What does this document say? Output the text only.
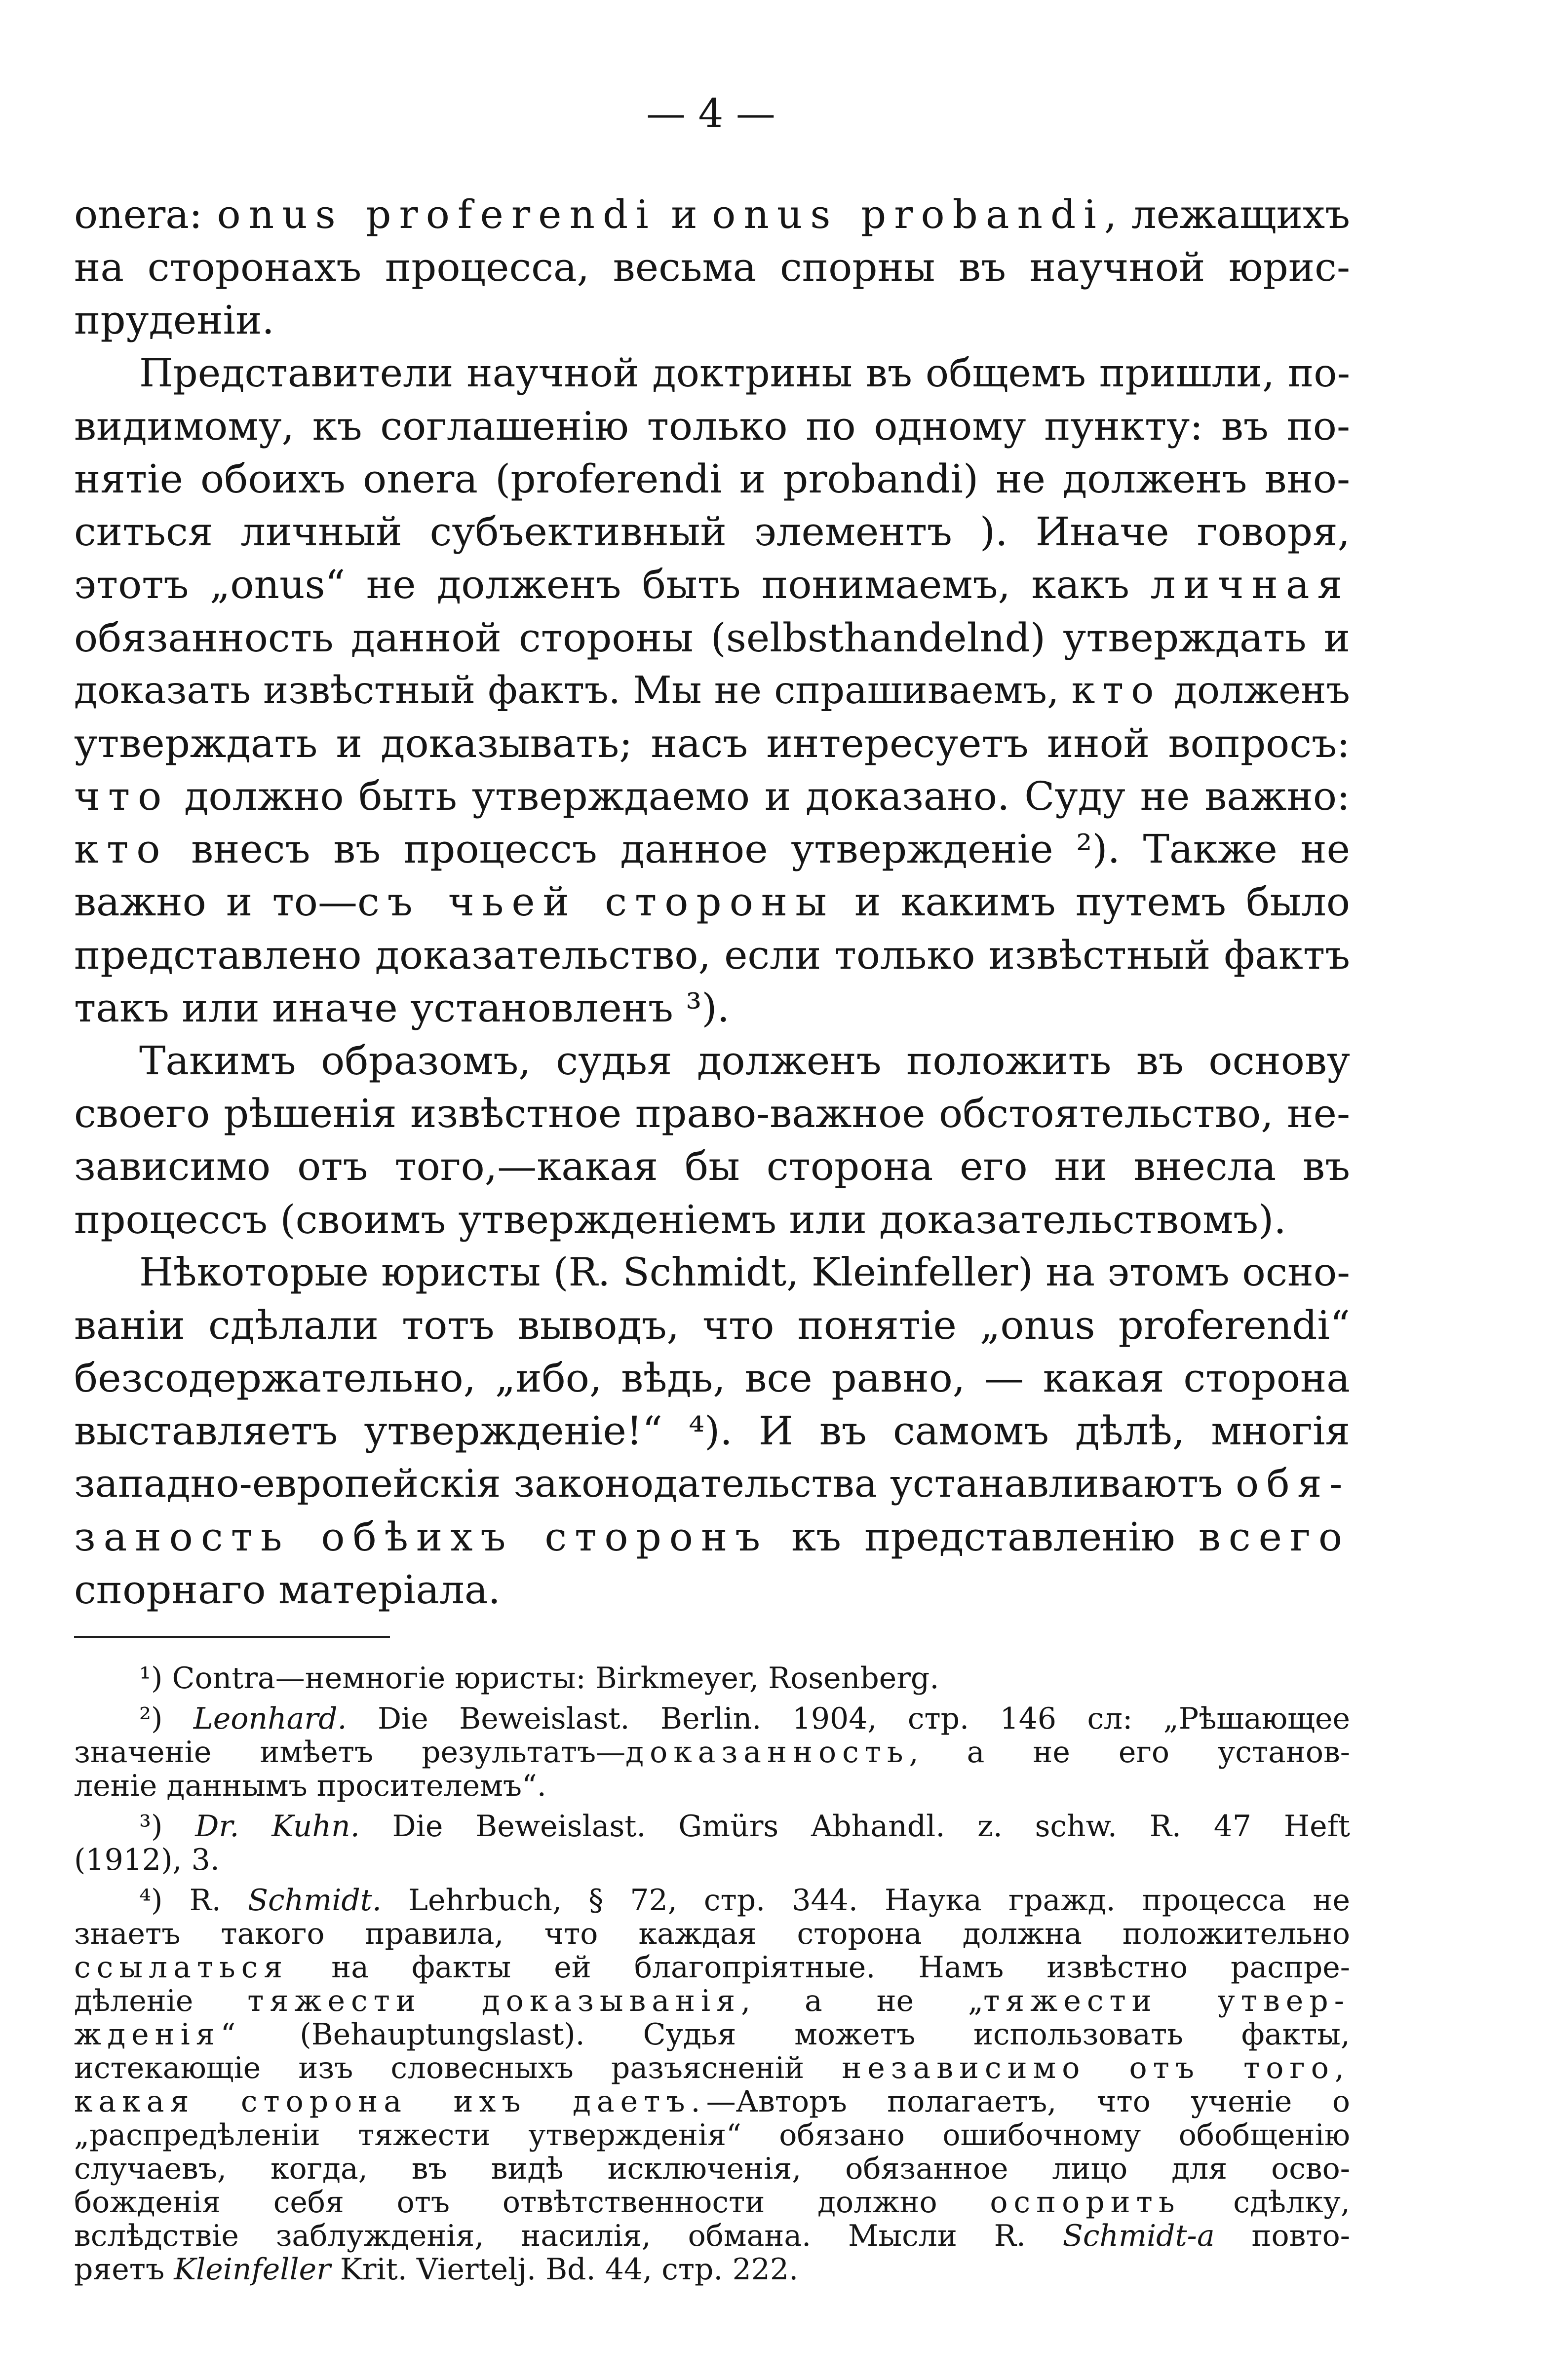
— 4 —
onera: onus proferendi и onus probandi, лежащихъ
на сторонахъ процесса, весьма спорны въ научной юрис-
пруденіи.
Представители научной доктрины въ общемъ пришли, по-
видимому, къ соглашенію только по одному пункту: въ по-
нятіе обоихъ onera (proferendi и probandi) не долженъ вно-
ситься личный субъективный элементъ ). Иначе говоря,
этотъ „onus“ не долженъ быть понимаемъ, какъ личная
обязанность данной стороны (selbsthandelnd) утверждать и
доказать извѣстный фактъ. Мы не спрашиваемъ, кто долженъ
утверждать и доказывать; насъ интересуетъ иной вопросъ:
что должно быть утверждаемо и доказано. Суду не важно:
кто внесъ въ процессъ данное утвержденіе ²). Также не
важно и то—съ чьей стороны и какимъ путемъ было
представлено доказательство, если только извѣстный фактъ
такъ или иначе установленъ ³).
Такимъ образомъ, судья долженъ положить въ основу
своего рѣшенія извѣстное право-важное обстоятельство, не-
зависимо отъ того,—какая бы сторона его ни внесла въ
процессъ (своимъ утвержденіемъ или доказательствомъ).
Нѣкоторые юристы (R. Schmidt, Kleinfeller) на этомъ осно-
ваніи сдѣлали тотъ выводъ, что понятіе „onus proferendi“
безсодержательно, „ибо, вѣдь, все равно, — какая сторона
выставляетъ утвержденіе!“ ⁴). И въ самомъ дѣлѣ, многія
западно-европейскія законодательства устанавливаютъ обя-
заность обѣихъ сторонъ къ представленію всего
спорнаго матеріала.
¹) Contra—немногіе юристы: Birkmeyer, Rosenberg.
²) Leonhard. Die Beweislast. Berlin. 1904, стр. 146 сл: „Рѣшающее
значеніе имѣетъ результатъ—доказанность, а не его установ-
леніе даннымъ просителемъ“.
³) Dr. Kuhn. Die Beweislast. Gmürs Abhandl. z. schw. R. 47 Heft
(1912), 3.
⁴) R. Schmidt. Lehrbuch, § 72, стр. 344. Наука гражд. процесса не
знаетъ такого правила, что каждая сторона должна положительно
ссылаться на факты ей благопріятные. Намъ извѣстно распре-
дѣленіе тяжести доказыванія, а не „тяжести утвер-
жденія“ (Behauptungslast). Судья можетъ использовать факты,
истекающіе изъ словесныхъ разъясненій независимо отъ того,
какая сторона ихъ даетъ.—Авторъ полагаетъ, что ученіе о
„распредѣленіи тяжести утвержденія“ обязано ошибочному обобщенію
случаевъ, когда, въ видѣ исключенія, обязанное лицо для осво-
божденія себя отъ отвѣтственности должно оспорить сдѣлку,
вслѣдствіе заблужденія, насилія, обмана. Мысли R. Schmidt-a повто-
ряетъ Kleinfeller Krit. Viertelj. Bd. 44, стр. 222.
